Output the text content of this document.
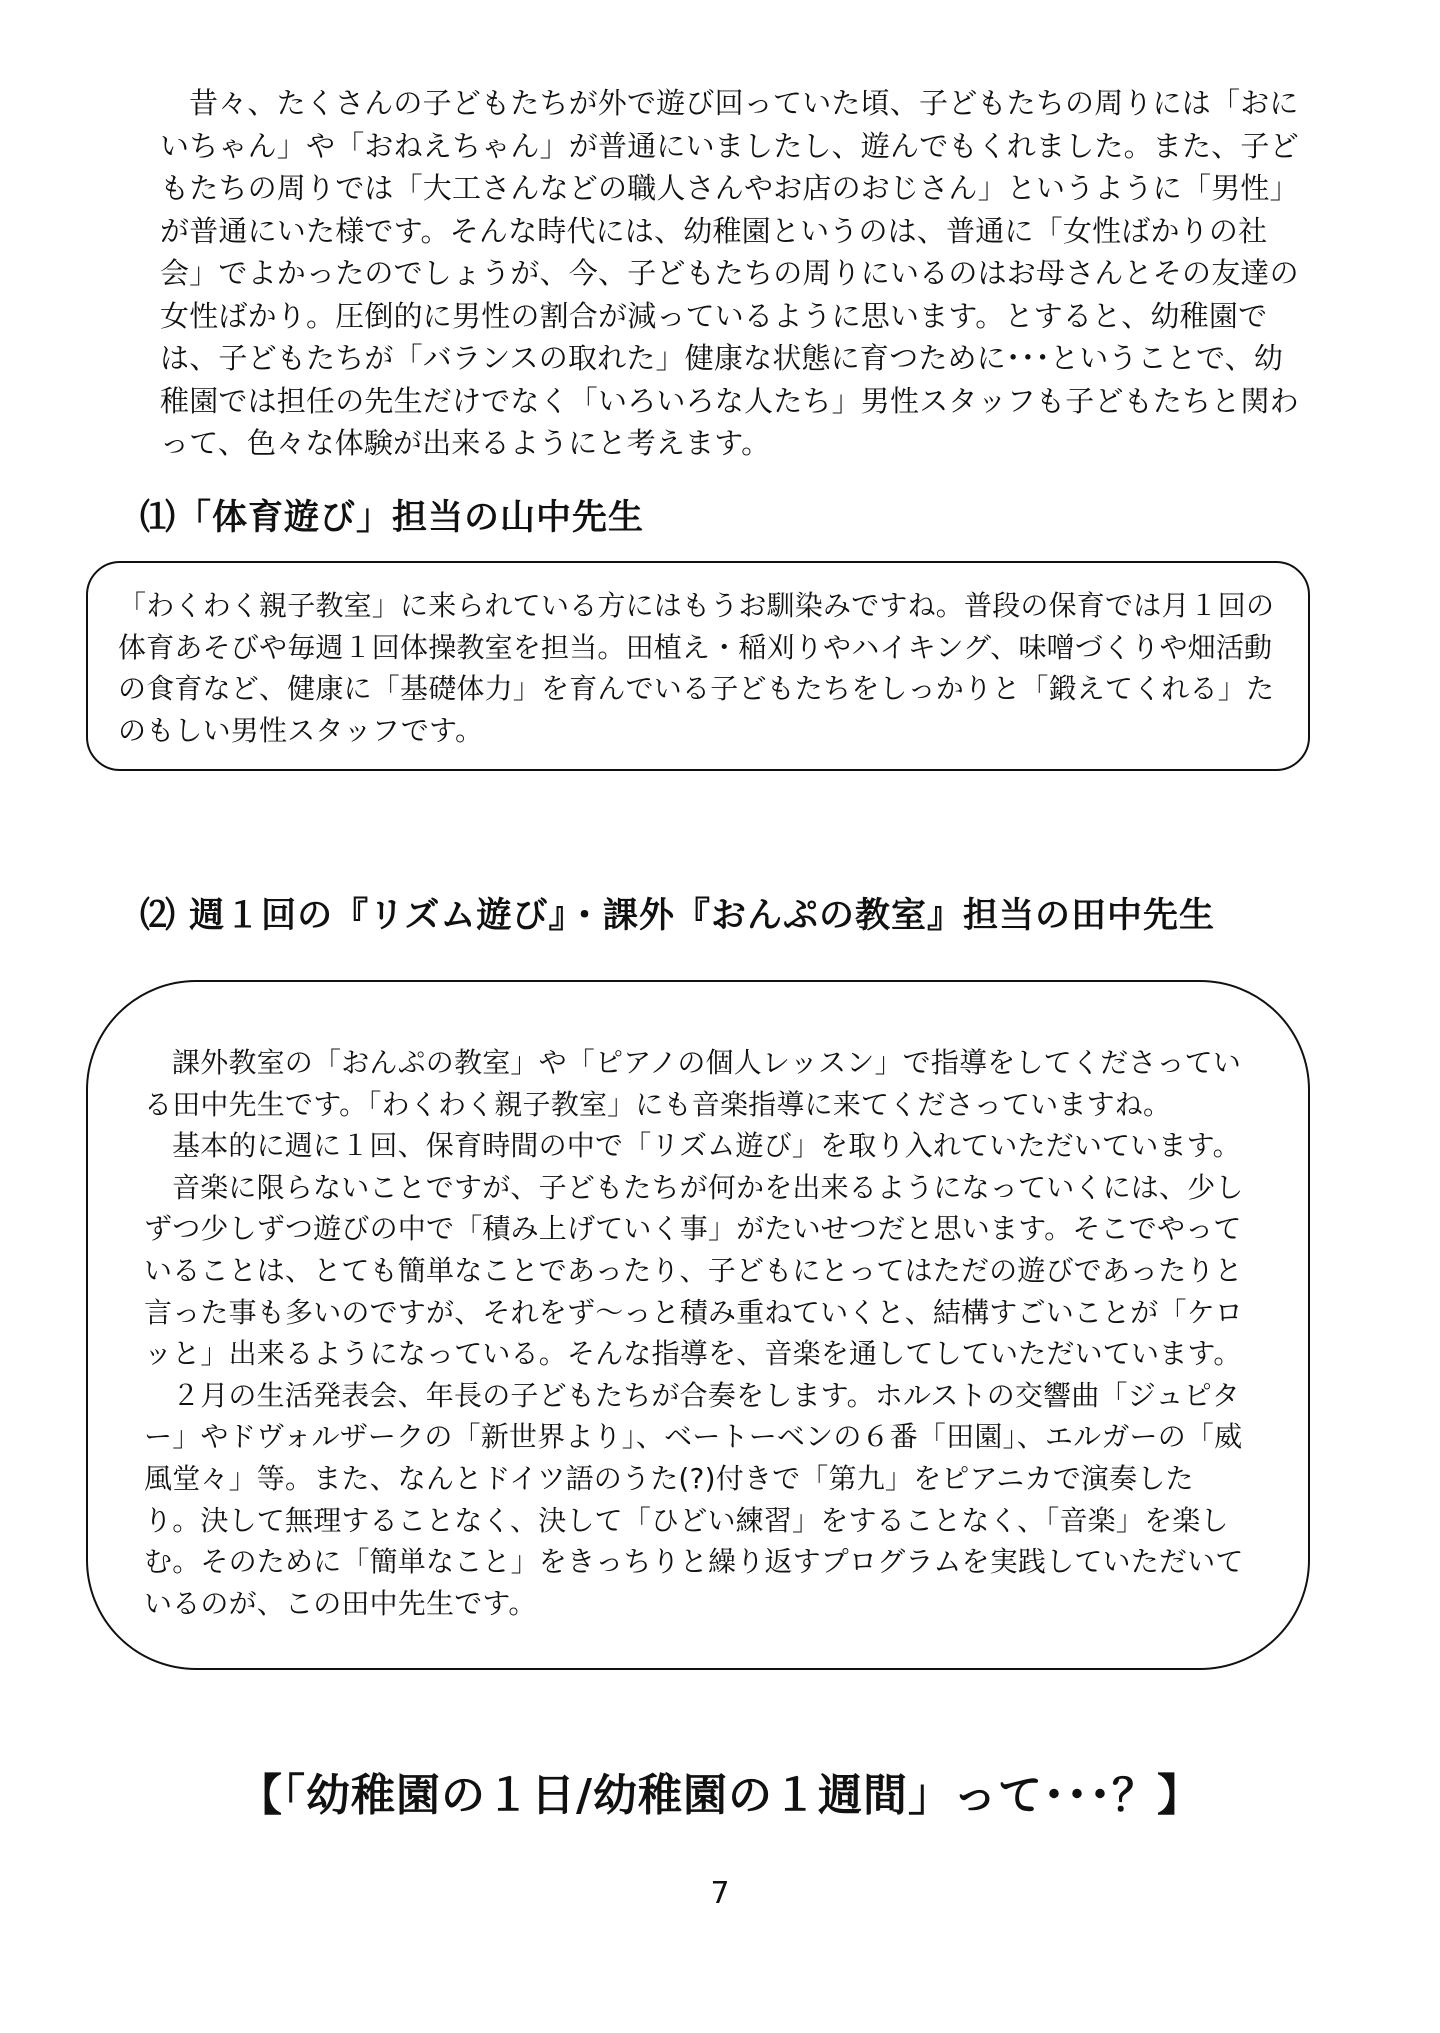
昔々、たくさんの子どもたちが外で遊び回っていた頃、子どもたちの周りには「おにいちゃん」や「おねえちゃん」が普通にいましたし、遊んでもくれました。また、子どもたちの周りでは「大工さんなどの職人さんやお店のおじさん」というように「男性」が普通にいた様です。そんな時代には、幼稚園というのは、普通に「女性ばかりの社会」でよかったのでしょうが、今、子どもたちの周りにいるのはお母さんとその友達の女性ばかり。圧倒的に男性の割合が減っているように思います。とすると、幼稚園では、子どもたちが「バランスの取れた」健康な状態に育つために･･･ということで、幼稚園では担任の先生だけでなく「いろいろな人たち」男性スタッフも子どもたちと関わって、色々な体験が出来るようにと考えます。

⑴「体育遊び」担当の山中先生

「わくわく親子教室」に来られている方にはもうお馴染みですね。普段の保育では月１回の体育あそびや毎週１回体操教室を担当。田植え・稲刈りやハイキング、味噌づくりや畑活動の食育など、健康に「基礎体力」を育んでいる子どもたちをしっかりと「鍛えてくれる」たのもしい男性スタッフです。

⑵ 週１回の『リズム遊び』・課外『おんぷの教室』担当の田中先生

課外教室の「おんぷの教室」や「ピアノの個人レッスン」で指導をしてくださっている田中先生です。「わくわく親子教室」にも音楽指導に来てくださっていますね。

基本的に週に１回、保育時間の中で「リズム遊び」を取り入れていただいています。

音楽に限らないことですが、子どもたちが何かを出来るようになっていくには、少しずつ少しずつ遊びの中で「積み上げていく事」がたいせつだと思います。そこでやっていることは、とても簡単なことであったり、子どもにとってはただの遊びであったりと言った事も多いのですが、それをず～っと積み重ねていくと、結構すごいことが「ケロッと」出来るようになっている。そんな指導を、音楽を通してしていただいています。

２月の生活発表会、年長の子どもたちが合奏をします。ホルストの交響曲「ジュピター」やドヴォルザークの「新世界より」、ベートーベンの６番「田園」、エルガーの「威風堂々」等。また、なんとドイツ語のうた(?)付きで「第九」をピアニカで演奏したり。決して無理することなく、決して「ひどい練習」をすることなく、「音楽」を楽しむ。そのために「簡単なこと」をきっちりと繰り返すプログラムを実践していただいているのが、この田中先生です。

【「幼稚園の１日/幼稚園の１週間」って･･･？】
7
